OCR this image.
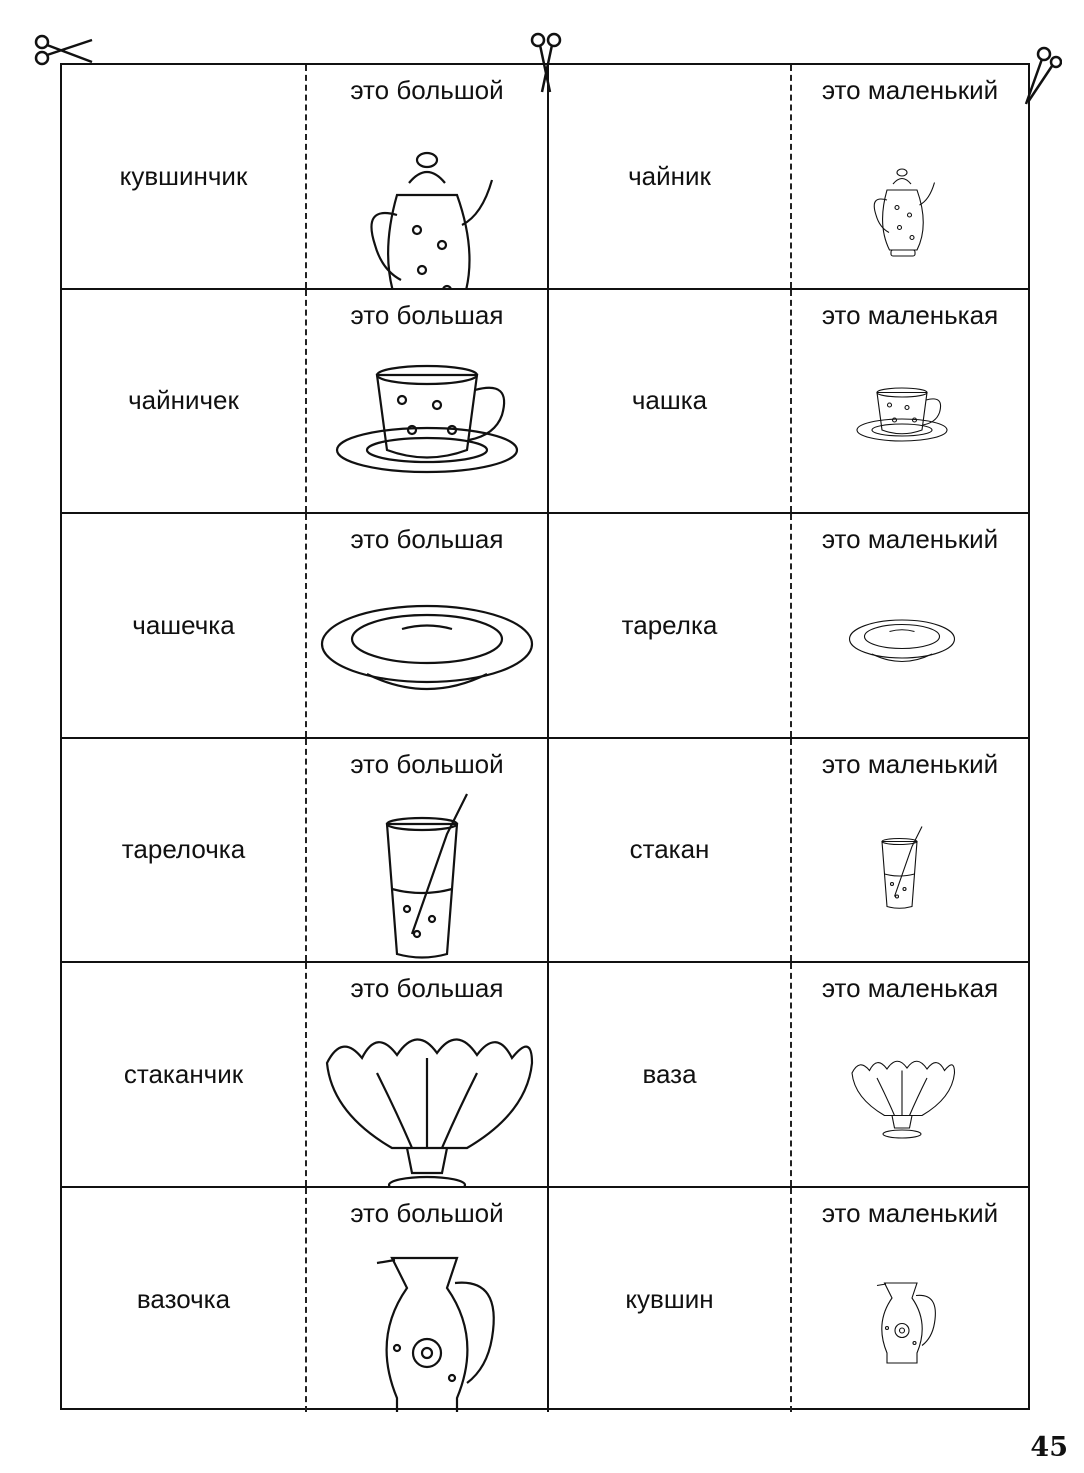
кувшинчик
это большой
чайник
это маленький
чайничек
это большая
чашка
это маленькая
чашечка
это большая
тарелка
это маленький
тарелочка
это большой
стакан
это маленький
стаканчик
это большая
ваза
это маленькая
вазочка
это большой
кувшин
это маленький
45
